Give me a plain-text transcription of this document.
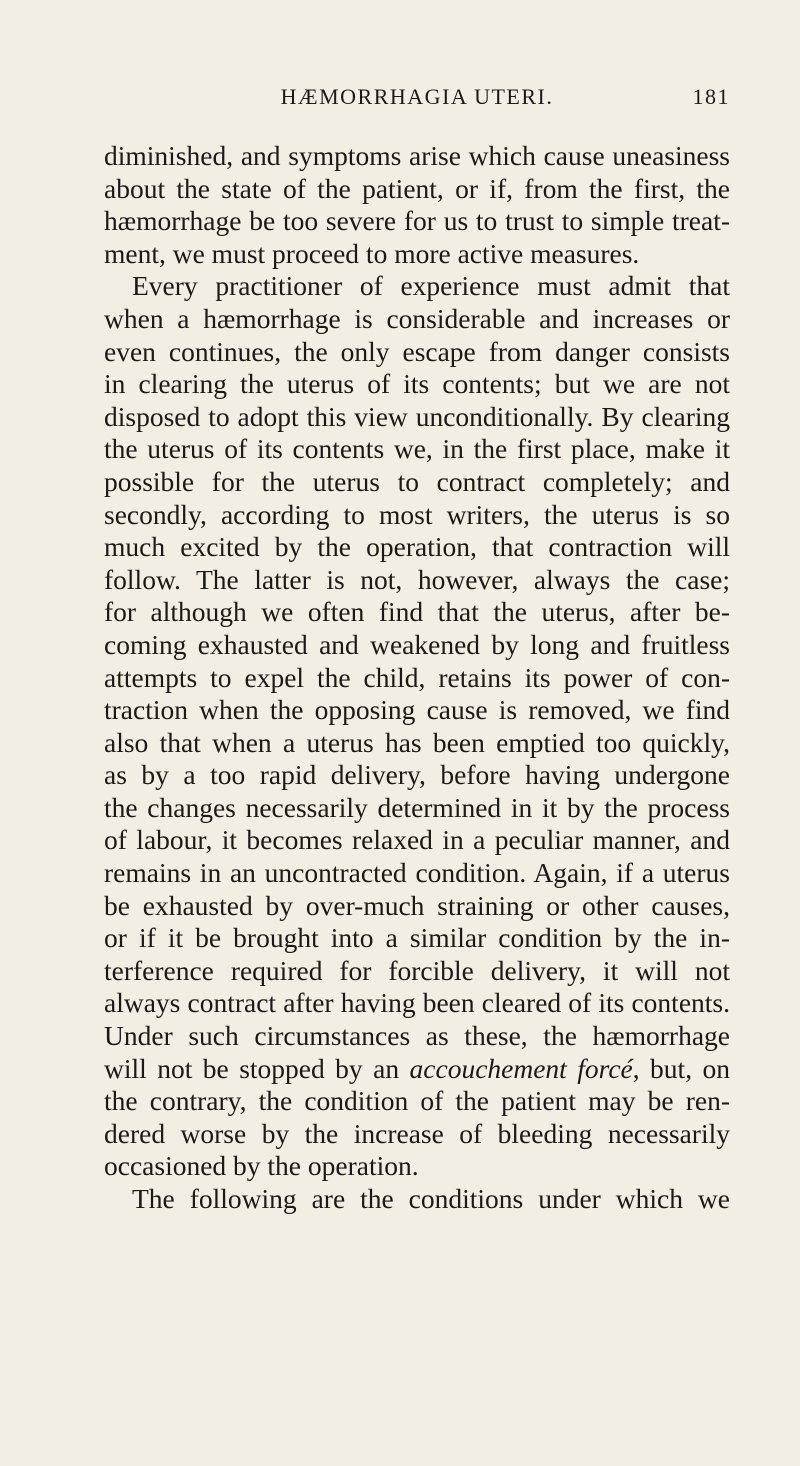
HÆMORRHAGIA UTERI.	181
diminished, and symptoms arise which cause uneasiness
about the state of the patient, or if, from the first, the
hæmorrhage be too severe for us to trust to simple treat-
ment, we must proceed to more active measures.
Every practitioner of experience must admit that
when a hæmorrhage is considerable and increases or
even continues, the only escape from danger consists
in clearing the uterus of its contents; but we are not
disposed to adopt this view unconditionally. By clearing
the uterus of its contents we, in the first place, make it
possible for the uterus to contract completely; and
secondly, according to most writers, the uterus is so
much excited by the operation, that contraction will
follow. The latter is not, however, always the case;
for although we often find that the uterus, after be-
coming exhausted and weakened by long and fruitless
attempts to expel the child, retains its power of con-
traction when the opposing cause is removed, we find
also that when a uterus has been emptied too quickly,
as by a too rapid delivery, before having undergone
the changes necessarily determined in it by the process
of labour, it becomes relaxed in a peculiar manner, and
remains in an uncontracted condition. Again, if a uterus
be exhausted by over-much straining or other causes,
or if it be brought into a similar condition by the in-
terference required for forcible delivery, it will not
always contract after having been cleared of its contents.
Under such circumstances as these, the hæmorrhage
will not be stopped by an accouchement forcé, but, on
the contrary, the condition of the patient may be ren-
dered worse by the increase of bleeding necessarily
occasioned by the operation.
The following are the conditions under which we
